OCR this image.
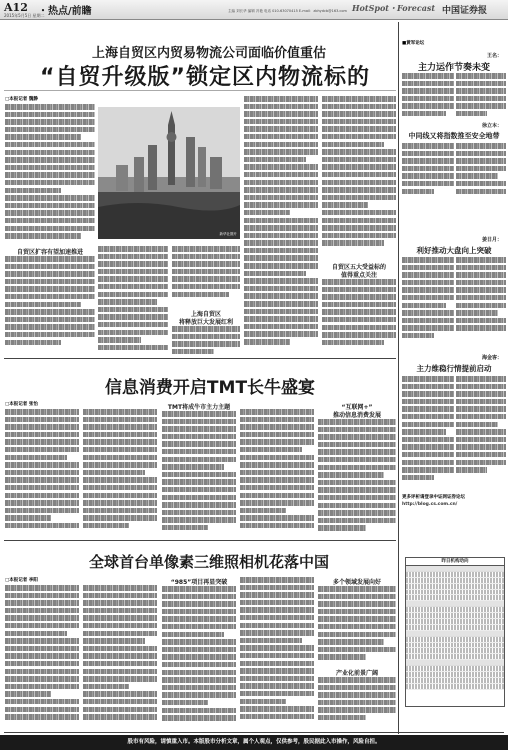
A12 ・热点/前瞻
2015年5月5日 星期二
主编 刘长华 编辑 冯艳 电话 010-63070415 E-mail：zbhydcb@163.com HotSpot・Forecast 中国证券报
上海自贸区内贸易物流公司面临价值重估
“自贸升级版”锁定区内物流标的
□本报记者 魏静
自贸区扩容有望加速推进
新华社图片
上海自贸区
将释放巨大发展红利
自贸区五大受益标的
值得重点关注
信息消费开启TMT长牛盛宴
□本报记者 张怡	TMT将成牛市主力主题	“互联网+”
推动信息消费发展
全球首台单像素三维照相机花落中国
□本报记者 李阳	“985”项目再显突破	多个领域发展向好
产业化前景广阔
■黄军论坛
王名：
主力运作节奏未变
徐立本：
中同线又将指数推至安全地带
姜日月：
利好推动大盘向上突破
海金客：
主力维稳行情提前启动
更多评析请登录中证网证券论坛
http://blog.cs.com.cn/
昨日机构动向
股市有风险，请慎重入市。本版股市分析文章，属个人观点，仅供参考，股民据此入市操作，风险自担。
